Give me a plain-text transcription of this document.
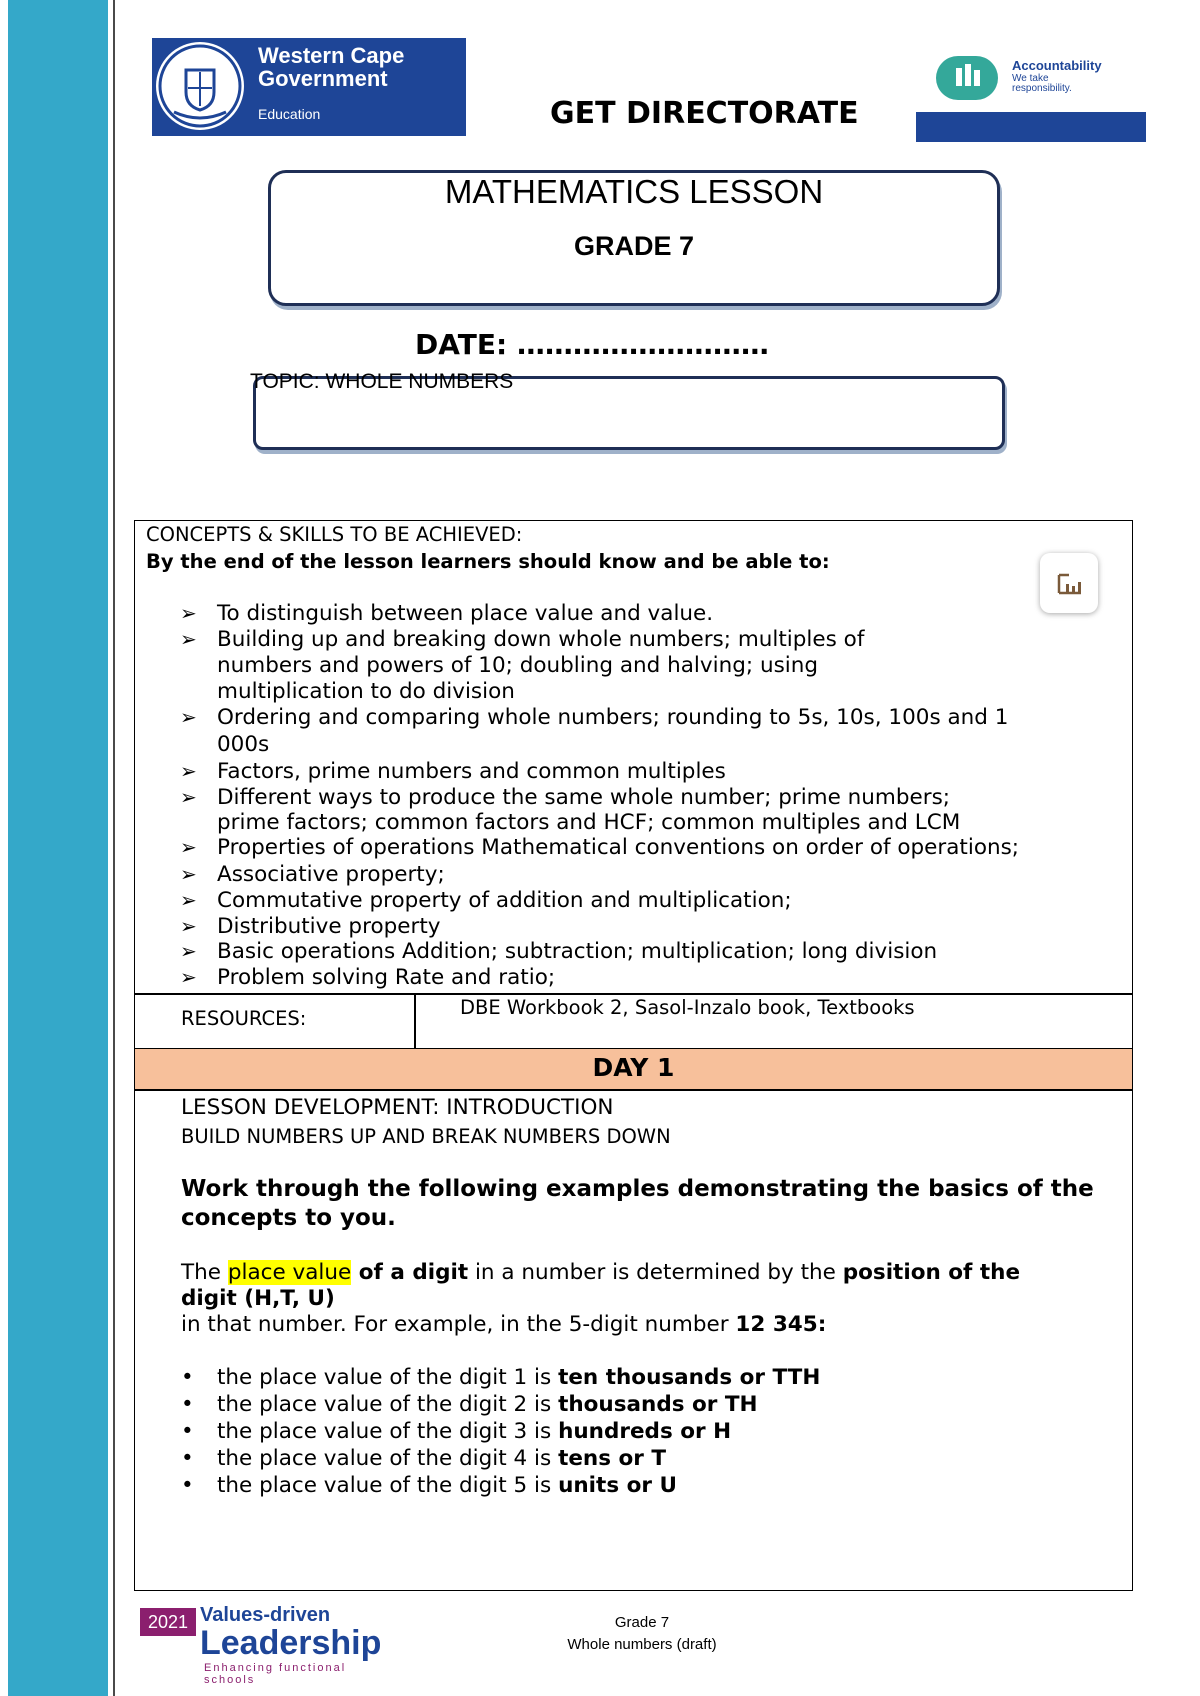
Western Cape
Government
Education	GET DIRECTORATE
Accountability
We take
responsibility.
MATHEMATICS LESSON
GRADE 7
DATE: ………………………
TOPIC: WHOLE NUMBERS
CONCEPTS & SKILLS TO BE ACHIEVED:
By the end of the lesson learners should know and be able to:
➢ To distinguish between place value and value.
➢ Building up and breaking down whole numbers; multiples of
numbers and powers of 10; doubling and halving; using
multiplication to do division
➢ Ordering and comparing whole numbers; rounding to 5s, 10s, 100s and 1
000s
➢ Factors, prime numbers and common multiples
➢ Different ways to produce the same whole number; prime numbers;
prime factors; common factors and HCF; common multiples and LCM
➢ Properties of operations Mathematical conventions on order of operations;
➢ Associative property;
➢ Commutative property of addition and multiplication;
➢ Distributive property
➢ Basic operations Addition; subtraction; multiplication; long division
➢ Problem solving Rate and ratio;
RESOURCES:	DBE Workbook 2, Sasol-Inzalo book, Textbooks
DAY 1
LESSON DEVELOPMENT: INTRODUCTION
BUILD NUMBERS UP AND BREAK NUMBERS DOWN
Work through the following examples demonstrating the basics of the
concepts to you.
The place value of a digit in a number is determined by the position of the
digit (H,T, U)
in that number. For example, in the 5-digit number 12 345:
• the place value of the digit 1 is ten thousands or TTH
• the place value of the digit 2 is thousands or TH
• the place value of the digit 3 is hundreds or H
• the place value of the digit 4 is tens or T
• the place value of the digit 5 is units or U
2021 Values-driven
Leadership
Enhancing functional schools
Grade 7
Whole numbers (draft)
